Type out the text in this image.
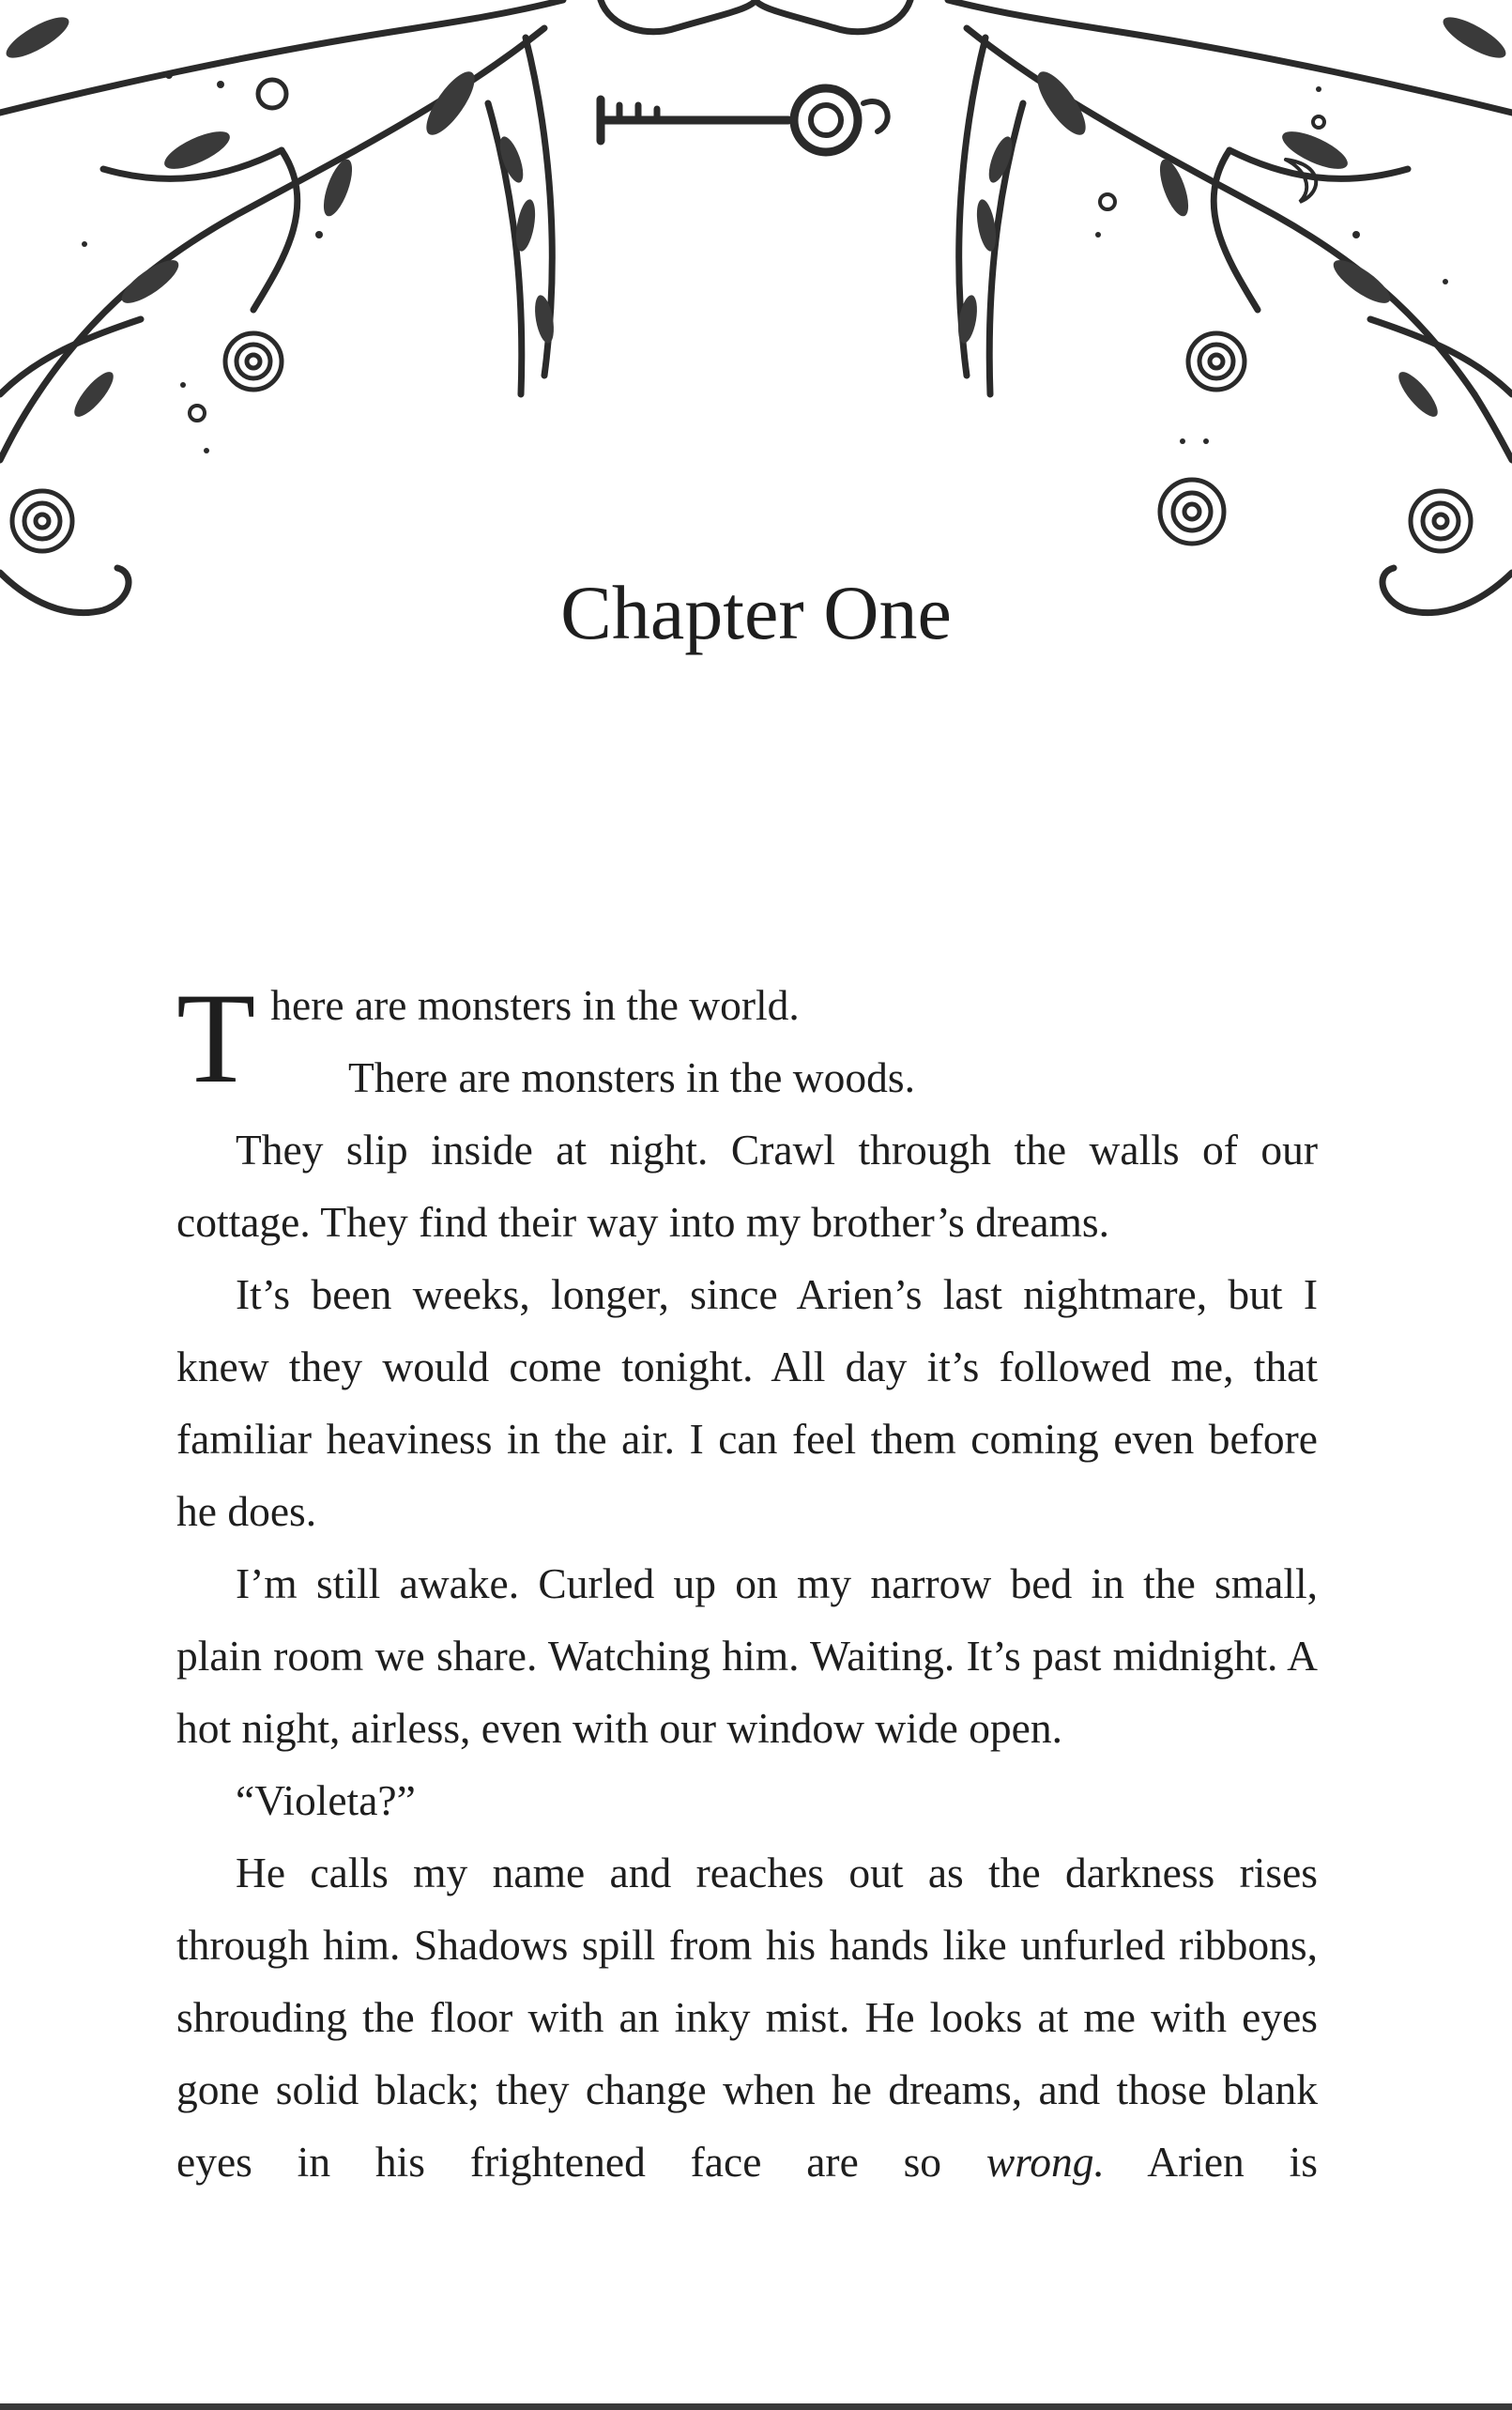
Chapter One

There are monsters in the world.

There are monsters in the woods.

They slip inside at night. Crawl through the walls of our cottage. They find their way into my brother’s dreams.

It’s been weeks, longer, since Arien’s last nightmare, but I knew they would come tonight. All day it’s followed me, that familiar heaviness in the air. I can feel them coming even before he does.

I’m still awake. Curled up on my narrow bed in the small, plain room we share. Watching him. Waiting. It’s past midnight. A hot night, airless, even with our window wide open.

“Violeta?”

He calls my name and reaches out as the darkness rises through him. Shadows spill from his hands like unfurled ribbons, shrouding the floor with an inky mist. He looks at me with eyes gone solid black; they change when he dreams, and those blank eyes in his frightened face are so wrong. Arien is
